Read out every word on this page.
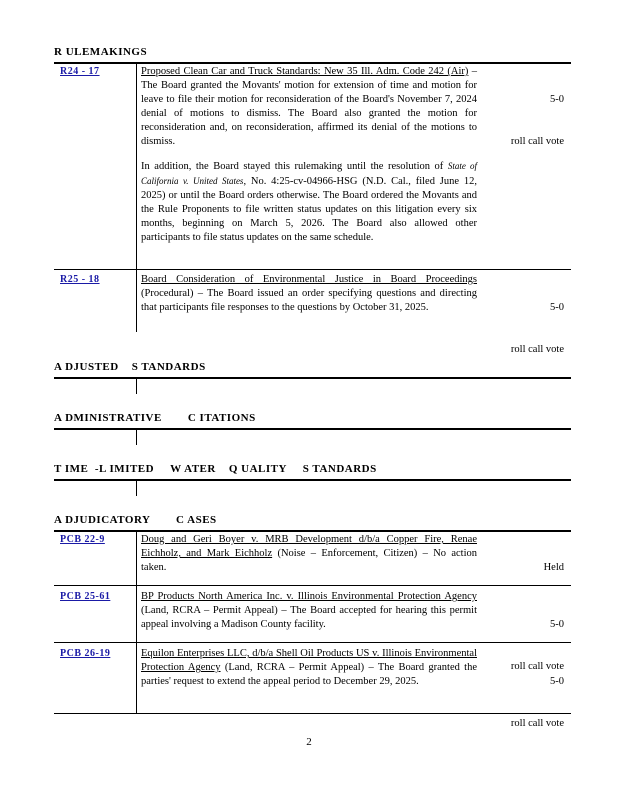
R ULEMAKINGS
R24 - 17	Proposed Clean Car and Truck Standards: New 35 Ill. Adm. Code 242 (Air) – The Board granted the Movants' motion for extension of time and motion for leave to file their motion for reconsideration of the Board's November 7, 2024 denial of motions to dismiss. The Board also granted the motion for reconsideration and, on reconsideration, affirmed its denial of the motions to dismiss.
In addition, the Board stayed this rulemaking until the resolution of State of California v. United States, No. 4:25-cv-04966-HSG (N.D. Cal., filed June 12, 2025) or until the Board orders otherwise. The Board ordered the Movants and the Rule Proponents to file written status updates on this litigation every six months, beginning on March 5, 2026. The Board also allowed other participants to file status updates on the same schedule.

5-0

roll call vote

R25 - 18	Board Consideration of Environmental Justice in Board Proceedings (Procedural) – The Board issued an order specifying questions and directing that participants file responses to the questions by October 31, 2025.

	5-0

roll call vote

A DJUSTED    S TANDARDS
A DMINISTRATIVE        C ITATIONS
T IME  -L IMITED     W ATER    Q UALITY     S TANDARDS
A DJUDICATORY        C ASES
PCB 22-9	Doug and Geri Boyer v. MRB Development d/b/a Copper Fire, Renae Eichholz, and Mark Eichholz (Noise – Enforcement, Citizen) – No action taken.

	Held

PCB 25-61	BP Products North America Inc. v. Illinois Environmental Protection Agency (Land, RCRA – Permit Appeal) – The Board accepted for hearing this permit appeal involving a Madison County facility.

	5-0

roll call vote

PCB 26-19	Equilon Enterprises LLC, d/b/a Shell Oil Products US v. Illinois Environmental Protection Agency (Land, RCRA – Permit Appeal) – The Board granted the parties' request to extend the appeal period to December 29, 2025.

	5-0

roll call vote

2
